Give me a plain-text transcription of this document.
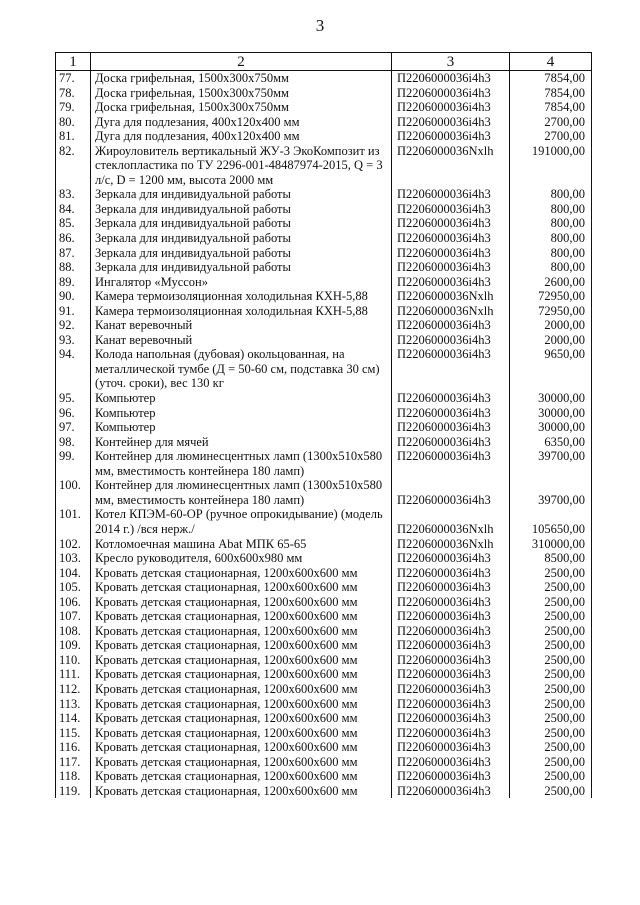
3
1	2	3	4
77.	Доска грифельная, 1500х300х750мм	П2206000036i4h3	7854,00
78.	Доска грифельная, 1500х300х750мм	П2206000036i4h3	7854,00
79.	Доска грифельная, 1500х300х750мм	П2206000036i4h3	7854,00
80.	Дуга для подлезания, 400х120х400 мм	П2206000036i4h3	2700,00
81.	Дуга для подлезания, 400х120х400 мм	П2206000036i4h3	2700,00
82.	Жироуловитель вертикальный ЖУ-3 ЭкоКомпозит из стеклопластика по ТУ 2296-001-48487974-2015, Q = 3 л/с, D = 1200 мм, высота 2000 мм	П2206000036Nxlh	191000,00
83.	Зеркала для индивидуальной работы	П2206000036i4h3	800,00
84.	Зеркала для индивидуальной работы	П2206000036i4h3	800,00
85.	Зеркала для индивидуальной работы	П2206000036i4h3	800,00
86.	Зеркала для индивидуальной работы	П2206000036i4h3	800,00
87.	Зеркала для индивидуальной работы	П2206000036i4h3	800,00
88.	Зеркала для индивидуальной работы	П2206000036i4h3	800,00
89.	Ингалятор «Муссон»	П2206000036i4h3	2600,00
90.	Камера термоизоляционная холодильная КХН-5,88	П2206000036Nxlh	72950,00
91.	Камера термоизоляционная холодильная КХН-5,88	П2206000036Nxlh	72950,00
92.	Канат веревочный	П2206000036i4h3	2000,00
93.	Канат веревочный	П2206000036i4h3	2000,00
94.	Колода напольная (дубовая) окольцованная, на металлической тумбе (Д = 50-60 см, подставка 30 см) (уточ. сроки), вес 130 кг	П2206000036i4h3	9650,00
95.	Компьютер	П2206000036i4h3	30000,00
96.	Компьютер	П2206000036i4h3	30000,00
97.	Компьютер	П2206000036i4h3	30000,00
98.	Контейнер для мячей	П2206000036i4h3	6350,00
99.	Контейнер для люминесцентных ламп (1300х510х580 мм, вместимость контейнера 180 ламп)	П2206000036i4h3	39700,00
100.	Контейнер для люминесцентных ламп (1300х510х580 мм, вместимость контейнера 180 ламп)	П2206000036i4h3	39700,00
101.	Котел КПЭМ-60-ОР (ручное опрокидывание) (модель 2014 г.) /вся нерж./	П2206000036Nxlh	105650,00
102.	Котломоечная машина Abat МПК 65-65	П2206000036Nxlh	310000,00
103.	Кресло руководителя, 600х600х980 мм	П2206000036i4h3	8500,00
104.	Кровать детская стационарная, 1200х600х600 мм	П2206000036i4h3	2500,00
105.	Кровать детская стационарная, 1200х600х600 мм	П2206000036i4h3	2500,00
106.	Кровать детская стационарная, 1200х600х600 мм	П2206000036i4h3	2500,00
107.	Кровать детская стационарная, 1200х600х600 мм	П2206000036i4h3	2500,00
108.	Кровать детская стационарная, 1200х600х600 мм	П2206000036i4h3	2500,00
109.	Кровать детская стационарная, 1200х600х600 мм	П2206000036i4h3	2500,00
110.	Кровать детская стационарная, 1200х600х600 мм	П2206000036i4h3	2500,00
111.	Кровать детская стационарная, 1200х600х600 мм	П2206000036i4h3	2500,00
112.	Кровать детская стационарная, 1200х600х600 мм	П2206000036i4h3	2500,00
113.	Кровать детская стационарная, 1200х600х600 мм	П2206000036i4h3	2500,00
114.	Кровать детская стационарная, 1200х600х600 мм	П2206000036i4h3	2500,00
115.	Кровать детская стационарная, 1200х600х600 мм	П2206000036i4h3	2500,00
116.	Кровать детская стационарная, 1200х600х600 мм	П2206000036i4h3	2500,00
117.	Кровать детская стационарная, 1200х600х600 мм	П2206000036i4h3	2500,00
118.	Кровать детская стационарная, 1200х600х600 мм	П2206000036i4h3	2500,00
119.	Кровать детская стационарная, 1200х600х600 мм	П2206000036i4h3	2500,00
